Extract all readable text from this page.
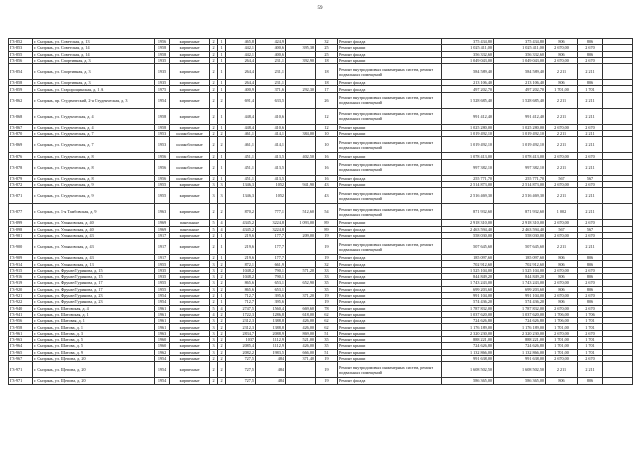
59
Г3-852	г. Сызрань, ул. Советская, д. 13	1956	кирпичные	2	1	465,8	424,9		32	Ремонт фасада	375 434,80	375 434,80	806	806	
Г3-853	г. Сызрань, ул. Советская, д. 14	1958	кирпичные	2	1	442,1	400,6	395,38	25	Ремонт крыши	1 025 411,00	1 025 411,00	2 670,00	2 670	
Г3-855	г. Сызрань, ул. Советская, д. 14	1958	кирпичные	2	1	442,1	400,6		25	Ремонт фасада	356 332,60	356 332,60	806	806	
Г3-856	г. Сызрань, ул. Спортивная, д. 3	1935	кирпичные	2	1	264,4	231,1	392,90	18	Ремонт крыши	1 049 043,00	1 049 043,00	2 670,00	2 670	
Г3-854	г. Сызрань, ул. Спортивная, д. 3	1935	кирпичные	2	1	264,4	231,1		18	Ремонт внутридомовых инженерных систем, ремонт подвальных помещений	584 589,40	584 589,40	2 211	2 211	
Г3-858	г. Сызрань, ул. Спортивная, д. 3	1935	кирпичные	2	1	264,4	231,1		18	Ремонт фасада	213 106,40	213 106,40	806	806	
Г3-859	г. Сызрань, ул. Старорощинская, д. 1 А	1975	кирпичные	2	1	400,9	371,6	292,30	17	Ремонт фасада	497 202,70	497 202,70	1 701,00	1 701	
Г3-862	г. Сызрань, пр. Студенческий, 2-я Студенческая, д. 3	1954	кирпичные	2	2	691,4	633,5		26	Ремонт внутридомовых инженерных систем, ремонт подвальных помещений	1 528 685,40	1 528 685,40	2 211	2 211	
Г3-868	г. Сызрань, ул. Студенческая, д. 4	1958	кирпичные	2	1	448,4	410,6		12	Ремонт внутридомовых инженерных систем, ремонт подвальных помещений	991 412,40	991 412,40	2 211	2 211	
Г3-867	г. Сызрань, ул. Студенческая, д. 4	1958	кирпичные	2	1	448,4	410,6		12	Ремонт крыши	1 025 280,00	1 025 280,00	2 670,00	2 670	
Г3-870	г. Сызрань, ул. Студенческая, д. 7	1953	шлакоблочные	2	2	461,1	414,1	384,00	10	Ремонт крыши	1 019 492,10	1 019 492,10	2 211	2 211	
Г3-869	г. Сызрань, ул. Студенческая, д. 7	1953	шлакоблочные	2	2	461,1	414,1		10	Ремонт внутридомовых инженерных систем, ремонт подвальных помещений	1 019 492,10	1 019 492,10	2 211	2 211	
Г3-876	г. Сызрань, ул. Студенческая, д. 8	1956	шлакоблочные	2	1	451,1	413,5	402,50	16	Ремонт крыши	1 078 413,00	1 078 413,00	2 670,00	2 670	
Г3-878	г. Сызрань, ул. Студенческая, д. 8	1956	шлакоблочные	2	1	451,1	413,5		16	Ремонт внутридомовых инженерных систем, ремонт подвальных помещений	997 382,10	997 382,10	2 211	2 211	
Г3-879	г. Сызрань, ул. Студенческая, д. 8	1956	шлакоблочные	2	1	451,1	413,5		16	Ремонт фасада	255 771,70	255 771,70	567	567	
Г3-872	г. Сызрань, ул. Студенческая, д. 9	1955	кирпичные	3	3	1346,3	1052	941,90	43	Ремонт крыши	2 514 873,00	2 514 873,00	2 670,00	2 670	
Г3-871	г. Сызрань, ул. Студенческая, д. 9	1955	кирпичные	3	3	1346,3	1052		43	Ремонт внутридомовых инженерных систем, ремонт подвальных помещений	2 516 469,30	2 516 469,30	2 211	2 211	
Г3-877	г. Сызрань, ул. 1-я Тамбовская, д. 9	1963	кирпичные	2	2	870,2	777,1	512,60	54	Ремонт внутридомовых инженерных систем, ремонт подвальных помещений	871 932,60	871 932,60	1 002	2 211	
Г3-899	г. Сызрань, ул. Ульяновская, д. 40	1969	панельные	5	4	4345,2	3224,8	1 093,00	89	Ремонт крыши	2 918 310,00	2 918 310,00	2 670,00	2 670	
Г3-898	г. Сызрань, ул. Ульяновская, д. 40	1969	панельные	5	4	4345,2	3224,8		89	Ремонт фасада	2 463 594,40	2 463 594,40	567	567	
Г3-901	г. Сызрань, ул. Ульяновская, д. 43	1917	кирпичные	2	1	219,6	177,7	209,00	19	Ремонт крыши	558 030,00	558 030,00	2 670,00	2 670	
Г3-900	г. Сызрань, ул. Ульяновская, д. 43	1917	кирпичные	2	1	219,6	177,7		19	Ремонт внутридомовых инженерных систем, ремонт подвальных помещений	507 645,60	507 645,60	2 211	2 211	
Г3-909	г. Сызрань, ул. Ульяновская, д. 43	1917	кирпичные	2	1	219,6	177,7		19	Ремонт фасада	185 097,60	185 097,60	806	806	
Г3-914	г. Сызрань, ул. Ульяновская, д. 13	1955	кирпичные	3	2	872,1	661,9		32	Ремонт фасада	702 912,60	702 912,60	806	806	
Г3-915	г. Сызрань, ул. Фрунзе/Гуринова, д. 15	1935	кирпичные	3	2	1048,2	790,1	571,20	33	Ремонт крыши	1 525 104,00	1 525 104,00	2 670,00	2 670	
Г3-916	г. Сызрань, ул. Фрунзе/Гуринова, д. 15	1935	кирпичные	3	2	1048,2	790,1		33	Ремонт фасада	844 849,20	844 849,20	806	806	
Г3-919	г. Сызрань, ул. Фрунзе/Гуринова, д. 17	1955	кирпичные	3	2	865,6	653,1	652,90	35	Ремонт крыши	1 743 243,00	1 743 243,00	2 670,00	2 670	
Г3-920	г. Сызрань, ул. Фрунзе/Гуринова, д. 17	1955	кирпичные	3	2	865,6	653,1		35	Ремонт фасада	699 203,60	699 203,60	806	806	
Г3-921	г. Сызрань, ул. Фрунзе/Гуринова, д. 23	1954	кирпичные	2	1	712,7	395,6	371,20	19	Ремонт крыши	991 104,00	991 104,00	2 670,00	2 670	
Г3-922	г. Сызрань, ул. Фрунзе/Гуринова, д. 23	1954	кирпичные	2	1	712,7	395,6		19	Ремонт фасада	574 436,20	574 436,20	806	806	
Г3-940	г. Сызрань, ул. Шатовская, д. 4	1961	кирпичные	5	4	2747,5	1560,4	669,60	78	Ремонт крыши	1 787 832,00	1 787 832,00	2 670,00	2 670	
Г3-941	г. Сызрань, ул. Шатовская, д. 1	1961	кирпичные	4	2	1722,3	1286,8	618,00	62	Ремонт крыши	1 037 620,00	1 037 620,00	1 706,00	1 706	
Г3-956	г. Сызрань, ул. Шатовая, д. 1	1961	кирпичные	3	2	2312,3	1388,8	426,00	62	Ремонт фасада	724 626,80	724 626,80	1 706,00	1 701	
Г3-958	г. Сызрань, ул. Шатова, д. 1	1961	кирпичные	3	2	2312,3	1388,8	426,00	62	Ремонт крыши	1 176 189,00	1 176 189,00	1 701,00	1 701	
Г3-961	г. Сызрань, ул. Шатова, д. 3	1963	кирпичные	3	2	2834,7	2088,9	869,00	51	Ремонт крыши	2 320 230,00	2 320 230,00	2 670,00	2 670	
Г3-963	г. Сызрань, ул. Шатова, д. 5	1960	кирпичные	3	2	1037	1112,9	521,00	35	Ремонт крыши	888 221,00	888 221,00	1 701,00	1 701	
Г3-964	г. Сызрань, ул. Шатова, д. 5	1960	кирпичные	3	2	2085,4	1112,9	426,00	35	Ремонт крыши	724 626,80	724 626,80	1 701,00	1 701	
Г3-965	г. Сызрань, ул. Шатова, д. 9	1962	кирпичные	3	2	2082,2	1983,5	666,00	51	Ремонт крыши	1 132 866,00	1 132 866,00	1 701,00	1 701	
Г3-967	г. Сызрань, ул. Щепова, д. 20	1954	кирпичные	2	2	727,5	484	371,40	19	Ремонт крыши	991 638,00	991 638,00	2 670,00	2 670	
Г3-971	г. Сызрань, ул. Щепова, д. 20	1954	кирпичные	2	2	727,5	484		19	Ремонт внутридомовых инженерных систем, ремонт подвальных помещений	1 608 502,50	1 608 502,50	2 211	2 211	
Г3-971	г. Сызрань, ул. Щепова, д. 20	1954	кирпичные	2	2	727,5	484		19	Ремонт фасада	586 365,00	586 365,00	806	806	
